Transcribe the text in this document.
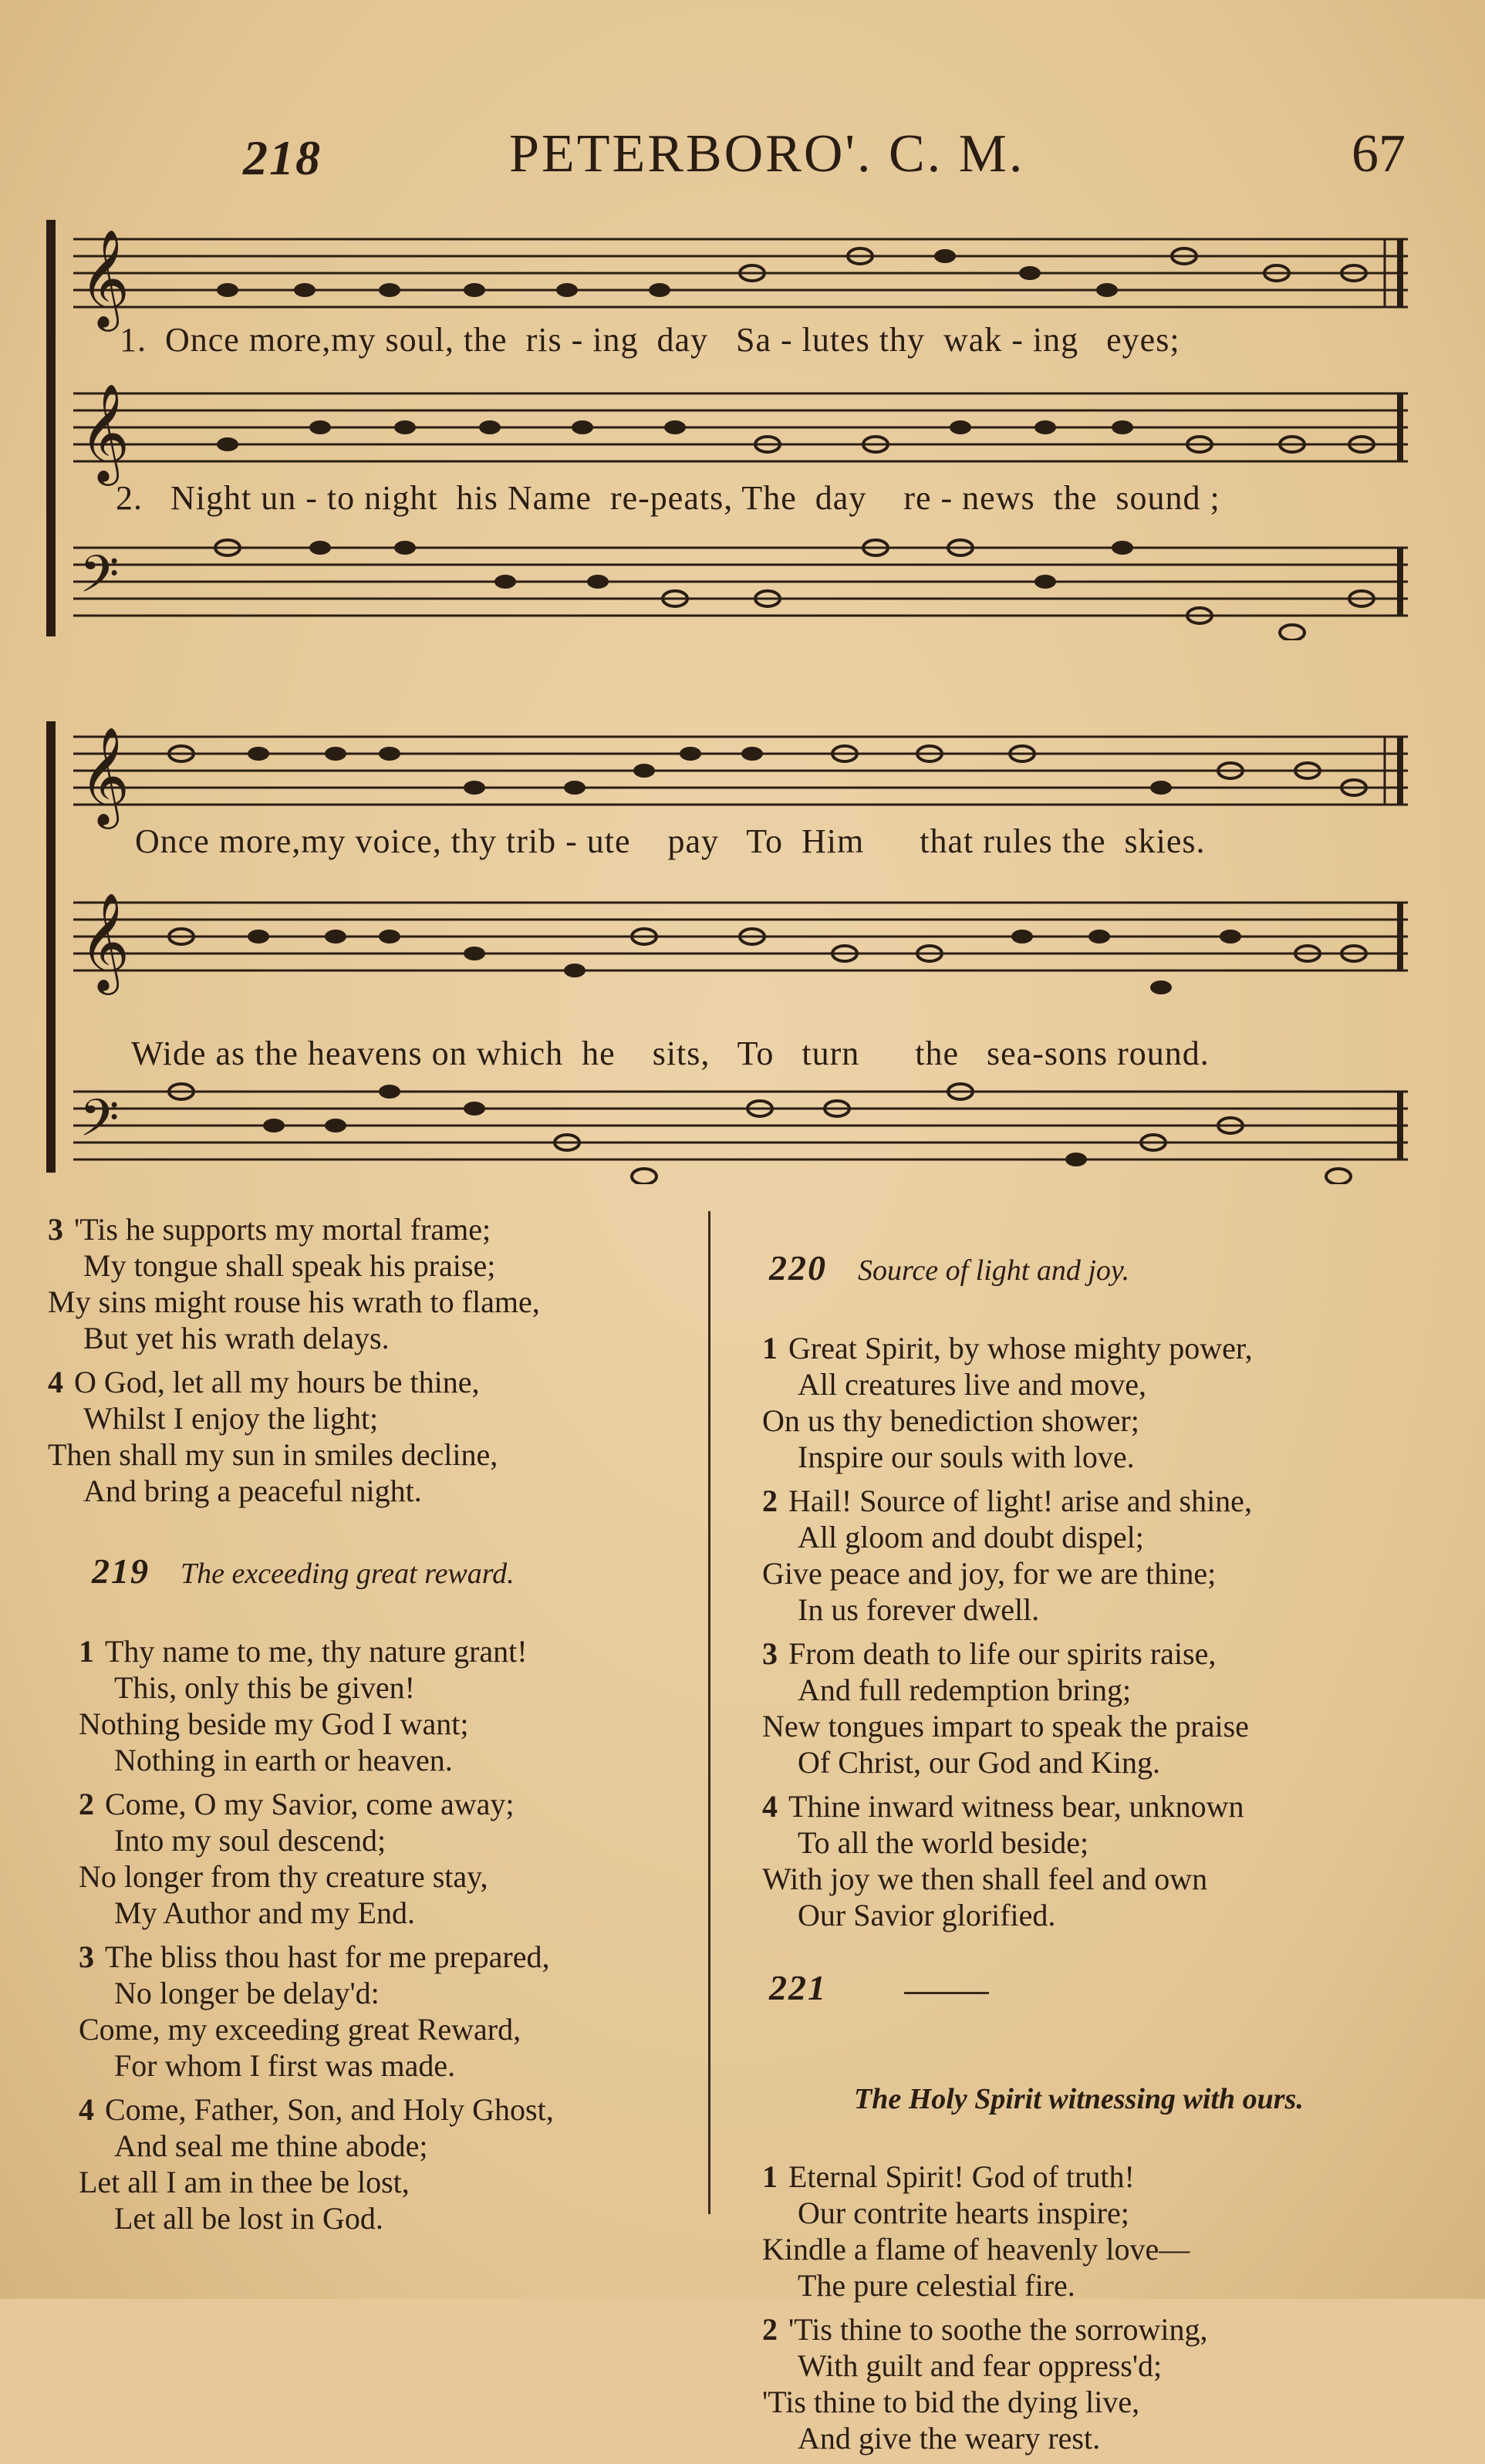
218	PETERBORO'. C. M.	67
𝄞
1.  Once more,my soul, the  ris - ing  day   Sa - lutes thy  wak - ing   eyes;
𝄞
2.   Night un - to night  his Name  re-peats, The  day    re - news  the  sound ;
𝄢
𝄞
Once more,my voice, thy trib - ute    pay   To  Him      that rules the  skies.
𝄞
Wide as the heavens on which  he    sits,   To   turn      the   sea-sons round.
𝄢
3 'Tis he supports my mortal frame;
My tongue shall speak his praise;
My sins might rouse his wrath to flame,
But yet his wrath delays.
4 O God, let all my hours be thine,
Whilst I enjoy the light;
Then shall my sun in smiles decline,
And bring a peaceful night.

219 The exceeding great reward.

1 Thy name to me, thy nature grant!
This, only this be given!
Nothing beside my God I want;
Nothing in earth or heaven.
2 Come, O my Savior, come away;
Into my soul descend;
No longer from thy creature stay,
My Author and my End.
3 The bliss thou hast for me prepared,
No longer be delay'd:
Come, my exceeding great Reward,
For whom I first was made.
4 Come, Father, Son, and Holy Ghost,
And seal me thine abode;
Let all I am in thee be lost,
Let all be lost in God.

220 Source of light and joy.

1 Great Spirit, by whose mighty power,
All creatures live and move,
On us thy benediction shower;
Inspire our souls with love.
2 Hail! Source of light! arise and shine,
All gloom and doubt dispel;
Give peace and joy, for we are thine;
In us forever dwell.
3 From death to life our spirits raise,
And full redemption bring;
New tongues impart to speak the praise
Of Christ, our God and King.
4 Thine inward witness bear, unknown
To all the world beside;
With joy we then shall feel and own
Our Savior glorified.

221

The Holy Spirit witnessing with ours.

1 Eternal Spirit! God of truth!
Our contrite hearts inspire;
Kindle a flame of heavenly love—
The pure celestial fire.
2 'Tis thine to soothe the sorrowing,
With guilt and fear oppress'd;
'Tis thine to bid the dying live,
And give the weary rest.
